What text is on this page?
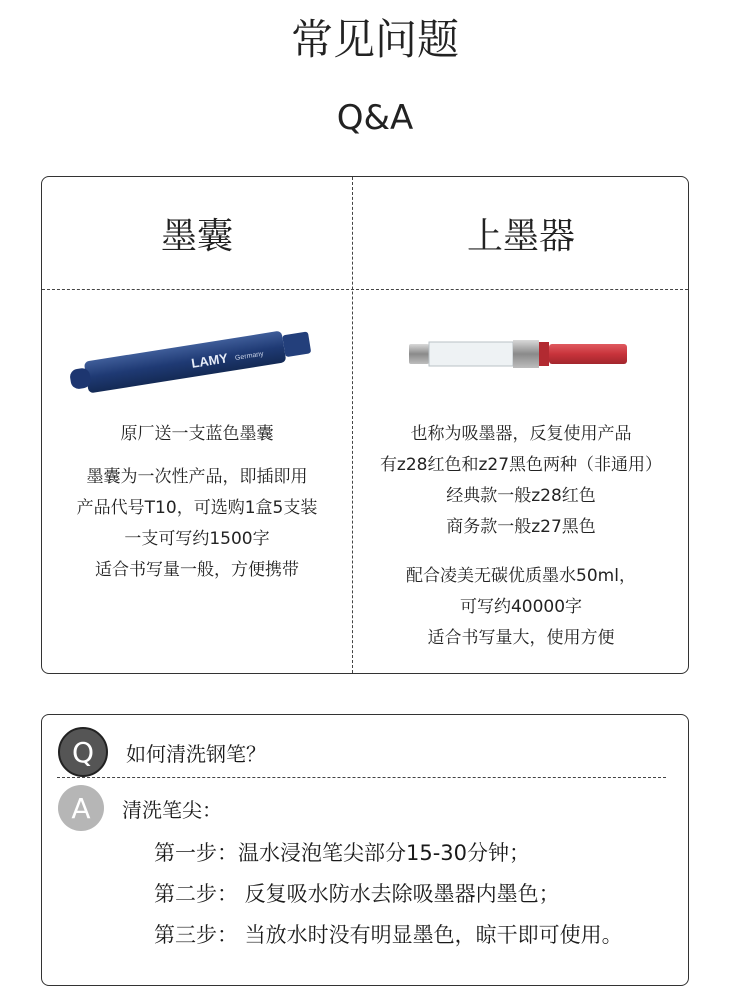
常见问题
Q&A
墨囊
LAMY Germany
原厂送一支蓝色墨囊
墨囊为一次性产品，即插即用
产品代号T10，可选购1盒5支装
一支可写约1500字
适合书写量一般，方便携带
上墨器
也称为吸墨器，反复使用产品
有z28红色和z27黑色两种（非通用）
经典款一般z28红色
商务款一般z27黑色
配合凌美无碳优质墨水50ml，
可写约40000字
适合书写量大，使用方便
Q	如何清洗钢笔？
A	清洗笔尖：
第一步：温水浸泡笔尖部分15-30分钟；
第二步： 反复吸水防水去除吸墨器内墨色；
第三步： 当放水时没有明显墨色，晾干即可使用。
